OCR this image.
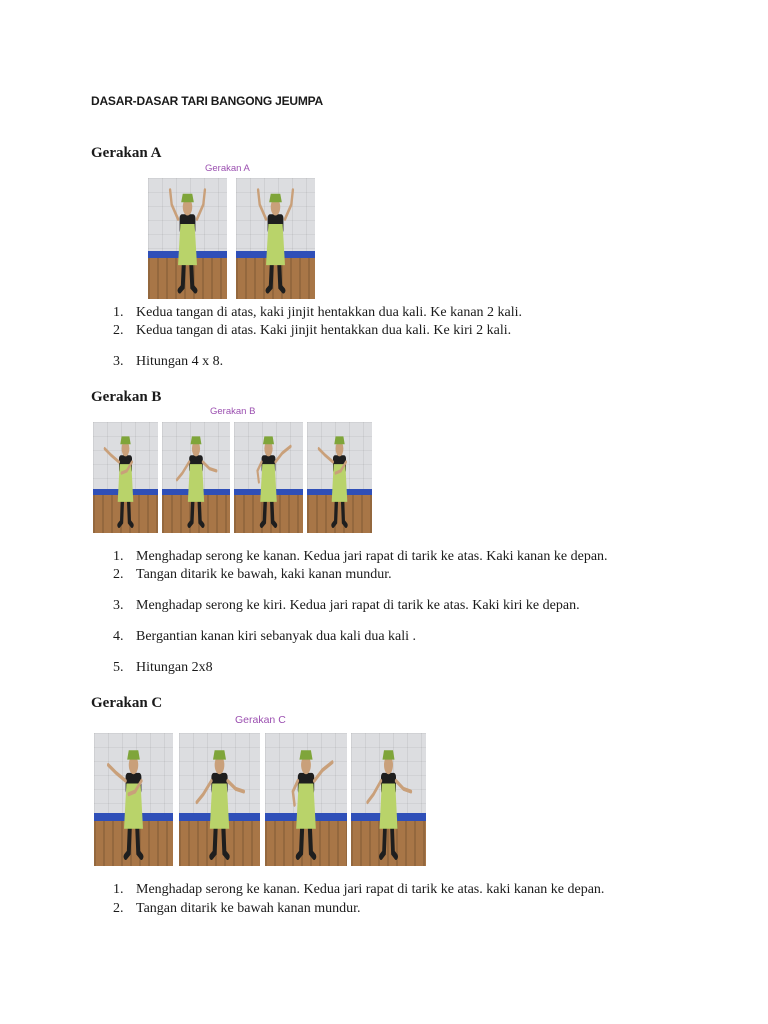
DASAR-DASAR TARI BANGONG JEUMPA
Gerakan A
Gerakan A
1. Kedua tangan di atas, kaki jinjit hentakkan dua kali. Ke kanan 2 kali.
2. Kedua tangan di atas. Kaki jinjit hentakkan dua kali. Ke kiri 2 kali.
3. Hitungan 4 x 8.
Gerakan B
Gerakan B
1. Menghadap serong ke kanan. Kedua jari rapat di tarik ke atas. Kaki kanan ke depan.
2. Tangan ditarik ke bawah, kaki kanan mundur.
3. Menghadap serong ke kiri. Kedua jari rapat di tarik ke atas. Kaki kiri ke depan.
4. Bergantian kanan kiri sebanyak dua kali dua kali .
5. Hitungan 2x8
Gerakan C
Gerakan C
1. Menghadap serong ke kanan. Kedua jari rapat di tarik ke atas. kaki kanan ke depan.
2. Tangan ditarik ke bawah kanan mundur.
